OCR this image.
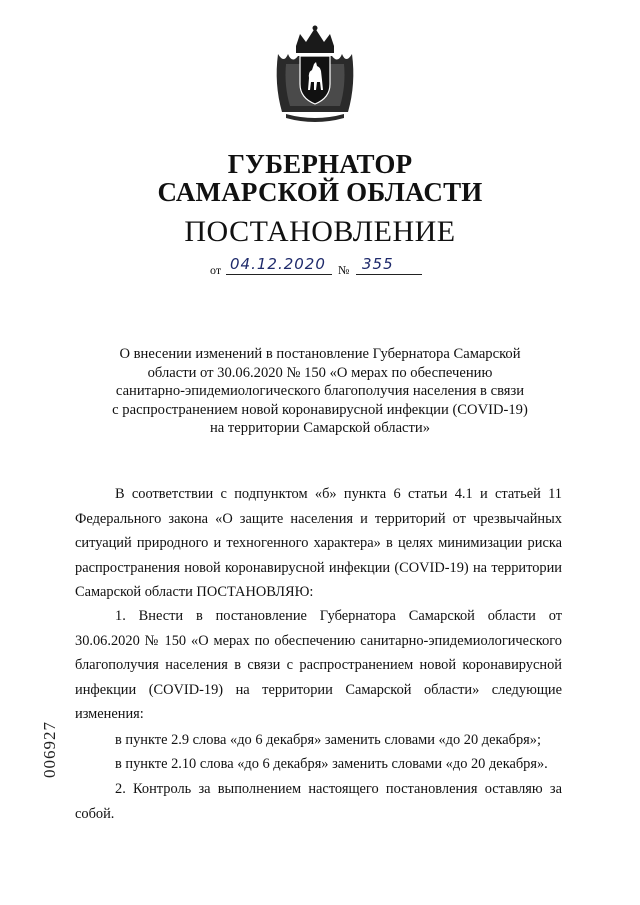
ГУБЕРНАТОР
САМАРСКОЙ ОБЛАСТИ
ПОСТАНОВЛЕНИЕ
от 04.12.2020	№ 355
О внесении изменений в постановление Губернатора Самарской
области от 30.06.2020 № 150 «О мерах по обеспечению
санитарно-эпидемиологического благополучия населения в связи
с распространением новой коронавирусной инфекции (COVID-19)
на территории Самарской области»

В соответствии с подпунктом «б» пункта 6 статьи 4.1 и статьей 11 Федерального закона «О защите населения и территорий от чрезвычайных ситуаций природного и техногенного характера» в целях минимизации риска распространения новой коронавирусной инфекции (COVID-19) на территории Самарской области ПОСТАНОВЛЯЮ:

1. Внести в постановление Губернатора Самарской области от 30.06.2020 № 150 «О мерах по обеспечению санитарно-эпидемиологического благополучия населения в связи с распространением новой коронавирусной инфекции (COVID-19) на территории Самарской области» следующие изменения:

в пункте 2.9 слова «до 6 декабря» заменить словами «до 20 декабря»;

в пункте 2.10 слова «до 6 декабря» заменить словами «до 20 декабря».

2. Контроль за выполнением настоящего постановления оставляю за собой.

006927
